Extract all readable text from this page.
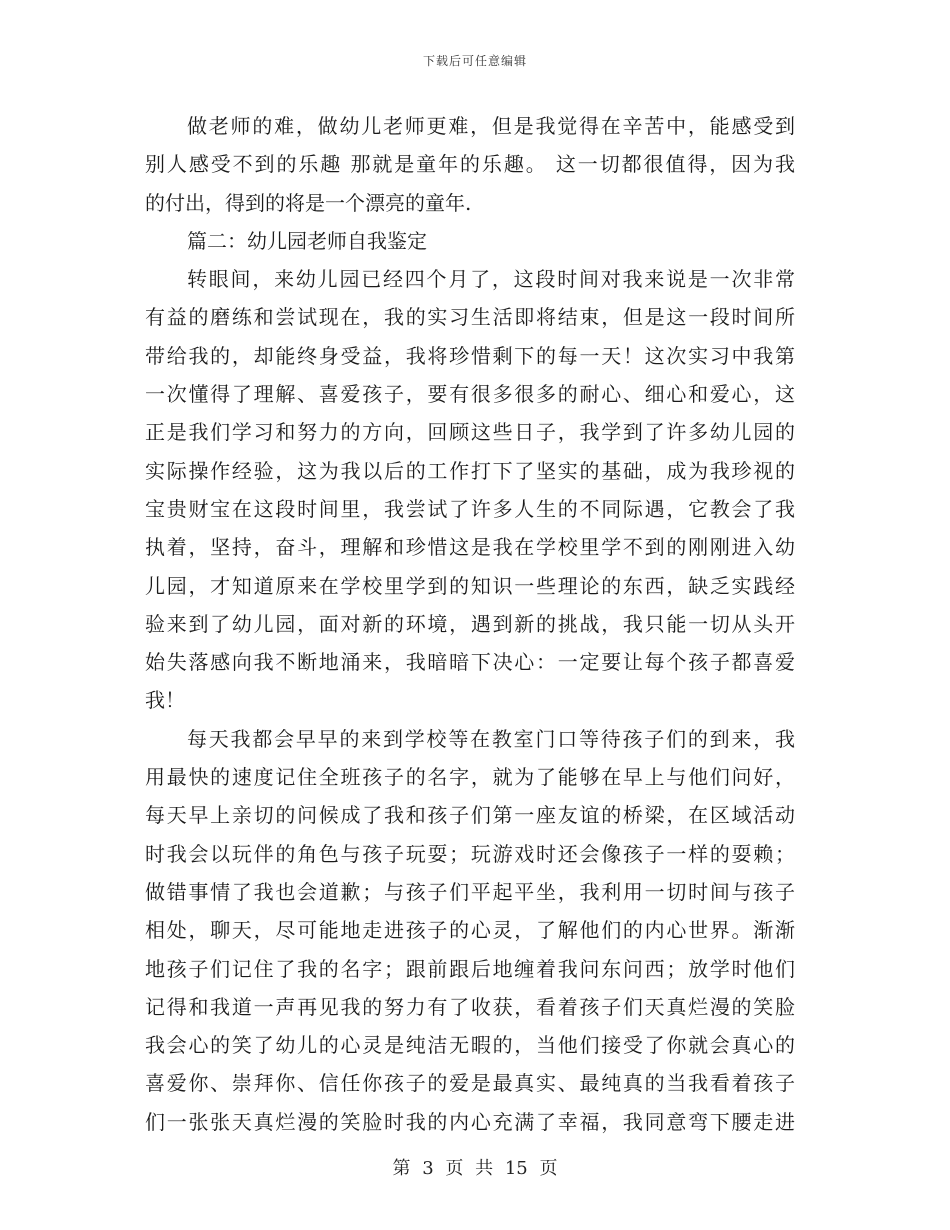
下载后可任意编辑
做老师的难，做幼儿老师更难，但是我觉得在辛苦中，能感受到
别人感受不到的乐趣 那就是童年的乐趣。 这一切都很值得，因为我
的付出，得到的将是一个漂亮的童年.
篇二：幼儿园老师自我鉴定
转眼间，来幼儿园已经四个月了，这段时间对我来说是一次非常
有益的磨练和尝试现在，我的实习生活即将结束，但是这一段时间所
带给我的，却能终身受益，我将珍惜剩下的每一天！这次实习中我第
一次懂得了理解、喜爱孩子，要有很多很多的耐心、细心和爱心，这
正是我们学习和努力的方向，回顾这些日子，我学到了许多幼儿园的
实际操作经验，这为我以后的工作打下了坚实的基础，成为我珍视的
宝贵财宝在这段时间里，我尝试了许多人生的不同际遇，它教会了我
执着，坚持，奋斗，理解和珍惜这是我在学校里学不到的刚刚进入幼
儿园，才知道原来在学校里学到的知识一些理论的东西，缺乏实践经
验来到了幼儿园，面对新的环境，遇到新的挑战，我只能一切从头开
始失落感向我不断地涌来，我暗暗下决心：一定要让每个孩子都喜爱
我！
每天我都会早早的来到学校等在教室门口等待孩子们的到来，我
用最快的速度记住全班孩子的名字，就为了能够在早上与他们问好，
每天早上亲切的问候成了我和孩子们第一座友谊的桥梁，在区域活动
时我会以玩伴的角色与孩子玩耍；玩游戏时还会像孩子一样的耍赖；
做错事情了我也会道歉；与孩子们平起平坐，我利用一切时间与孩子
相处，聊天，尽可能地走进孩子的心灵，了解他们的内心世界。渐渐
地孩子们记住了我的名字；跟前跟后地缠着我问东问西；放学时他们
记得和我道一声再见我的努力有了收获，看着孩子们天真烂漫的笑脸
我会心的笑了幼儿的心灵是纯洁无暇的，当他们接受了你就会真心的
喜爱你、崇拜你、信任你孩子的爱是最真实、最纯真的当我看着孩子
们一张张天真烂漫的笑脸时我的内心充满了幸福，我同意弯下腰走进
第 3 页 共 15 页
